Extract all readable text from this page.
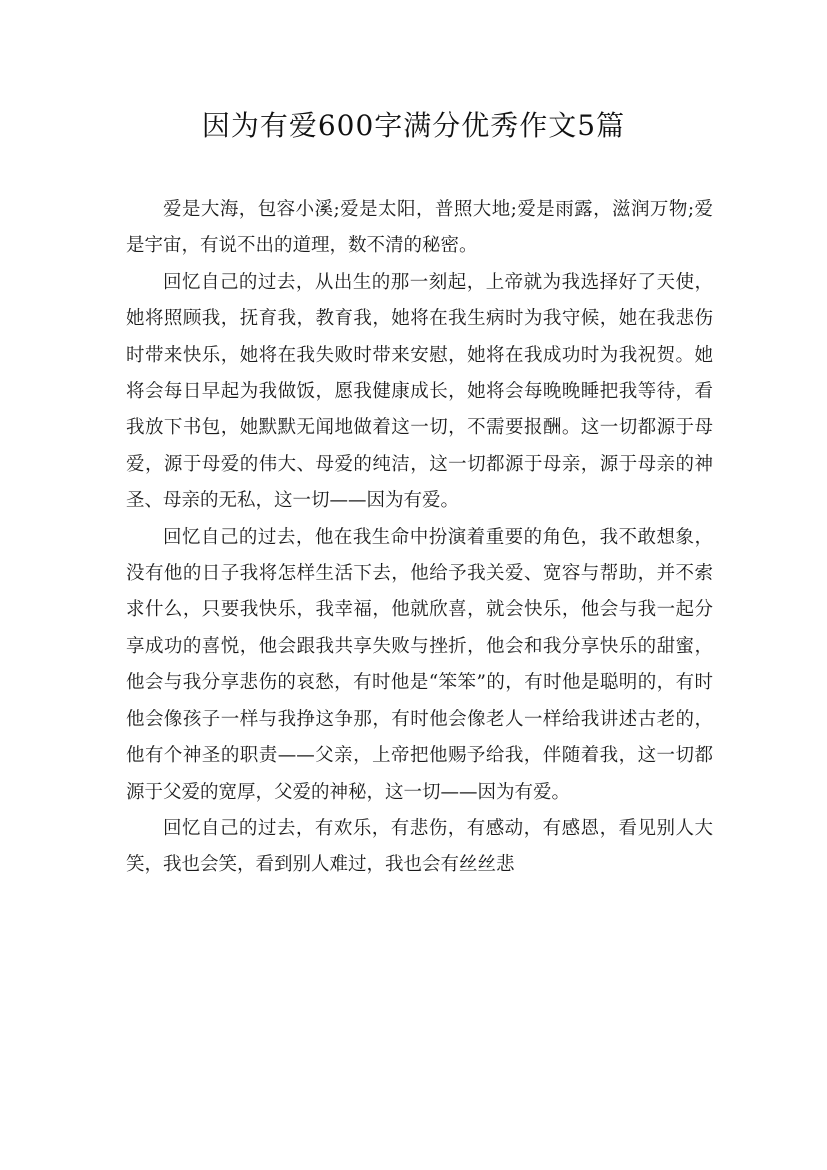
因为有爱600字满分优秀作文5篇

爱是大海，包容小溪;爱是太阳，普照大地;爱是雨露，滋润万物;爱是宇宙，有说不出的道理，数不清的秘密。

回忆自己的过去，从出生的那一刻起，上帝就为我选择好了天使，她将照顾我，抚育我，教育我，她将在我生病时为我守候，她在我悲伤时带来快乐，她将在我失败时带来安慰，她将在我成功时为我祝贺。她将会每日早起为我做饭，愿我健康成长，她将会每晚晚睡把我等待，看我放下书包，她默默无闻地做着这一切，不需要报酬。这一切都源于母爱，源于母爱的伟大、母爱的纯洁，这一切都源于母亲，源于母亲的神圣、母亲的无私，这一切——因为有爱。

回忆自己的过去，他在我生命中扮演着重要的角色，我不敢想象，没有他的日子我将怎样生活下去，他给予我关爱、宽容与帮助，并不索求什么，只要我快乐，我幸福，他就欣喜，就会快乐，他会与我一起分享成功的喜悦，他会跟我共享失败与挫折，他会和我分享快乐的甜蜜，他会与我分享悲伤的哀愁，有时他是“笨笨”的，有时他是聪明的，有时他会像孩子一样与我挣这争那，有时他会像老人一样给我讲述古老的，他有个神圣的职责——父亲，上帝把他赐予给我，伴随着我，这一切都源于父爱的宽厚，父爱的神秘，这一切——因为有爱。

回忆自己的过去，有欢乐，有悲伤，有感动，有感恩，看见别人大笑，我也会笑，看到别人难过，我也会有丝丝悲
